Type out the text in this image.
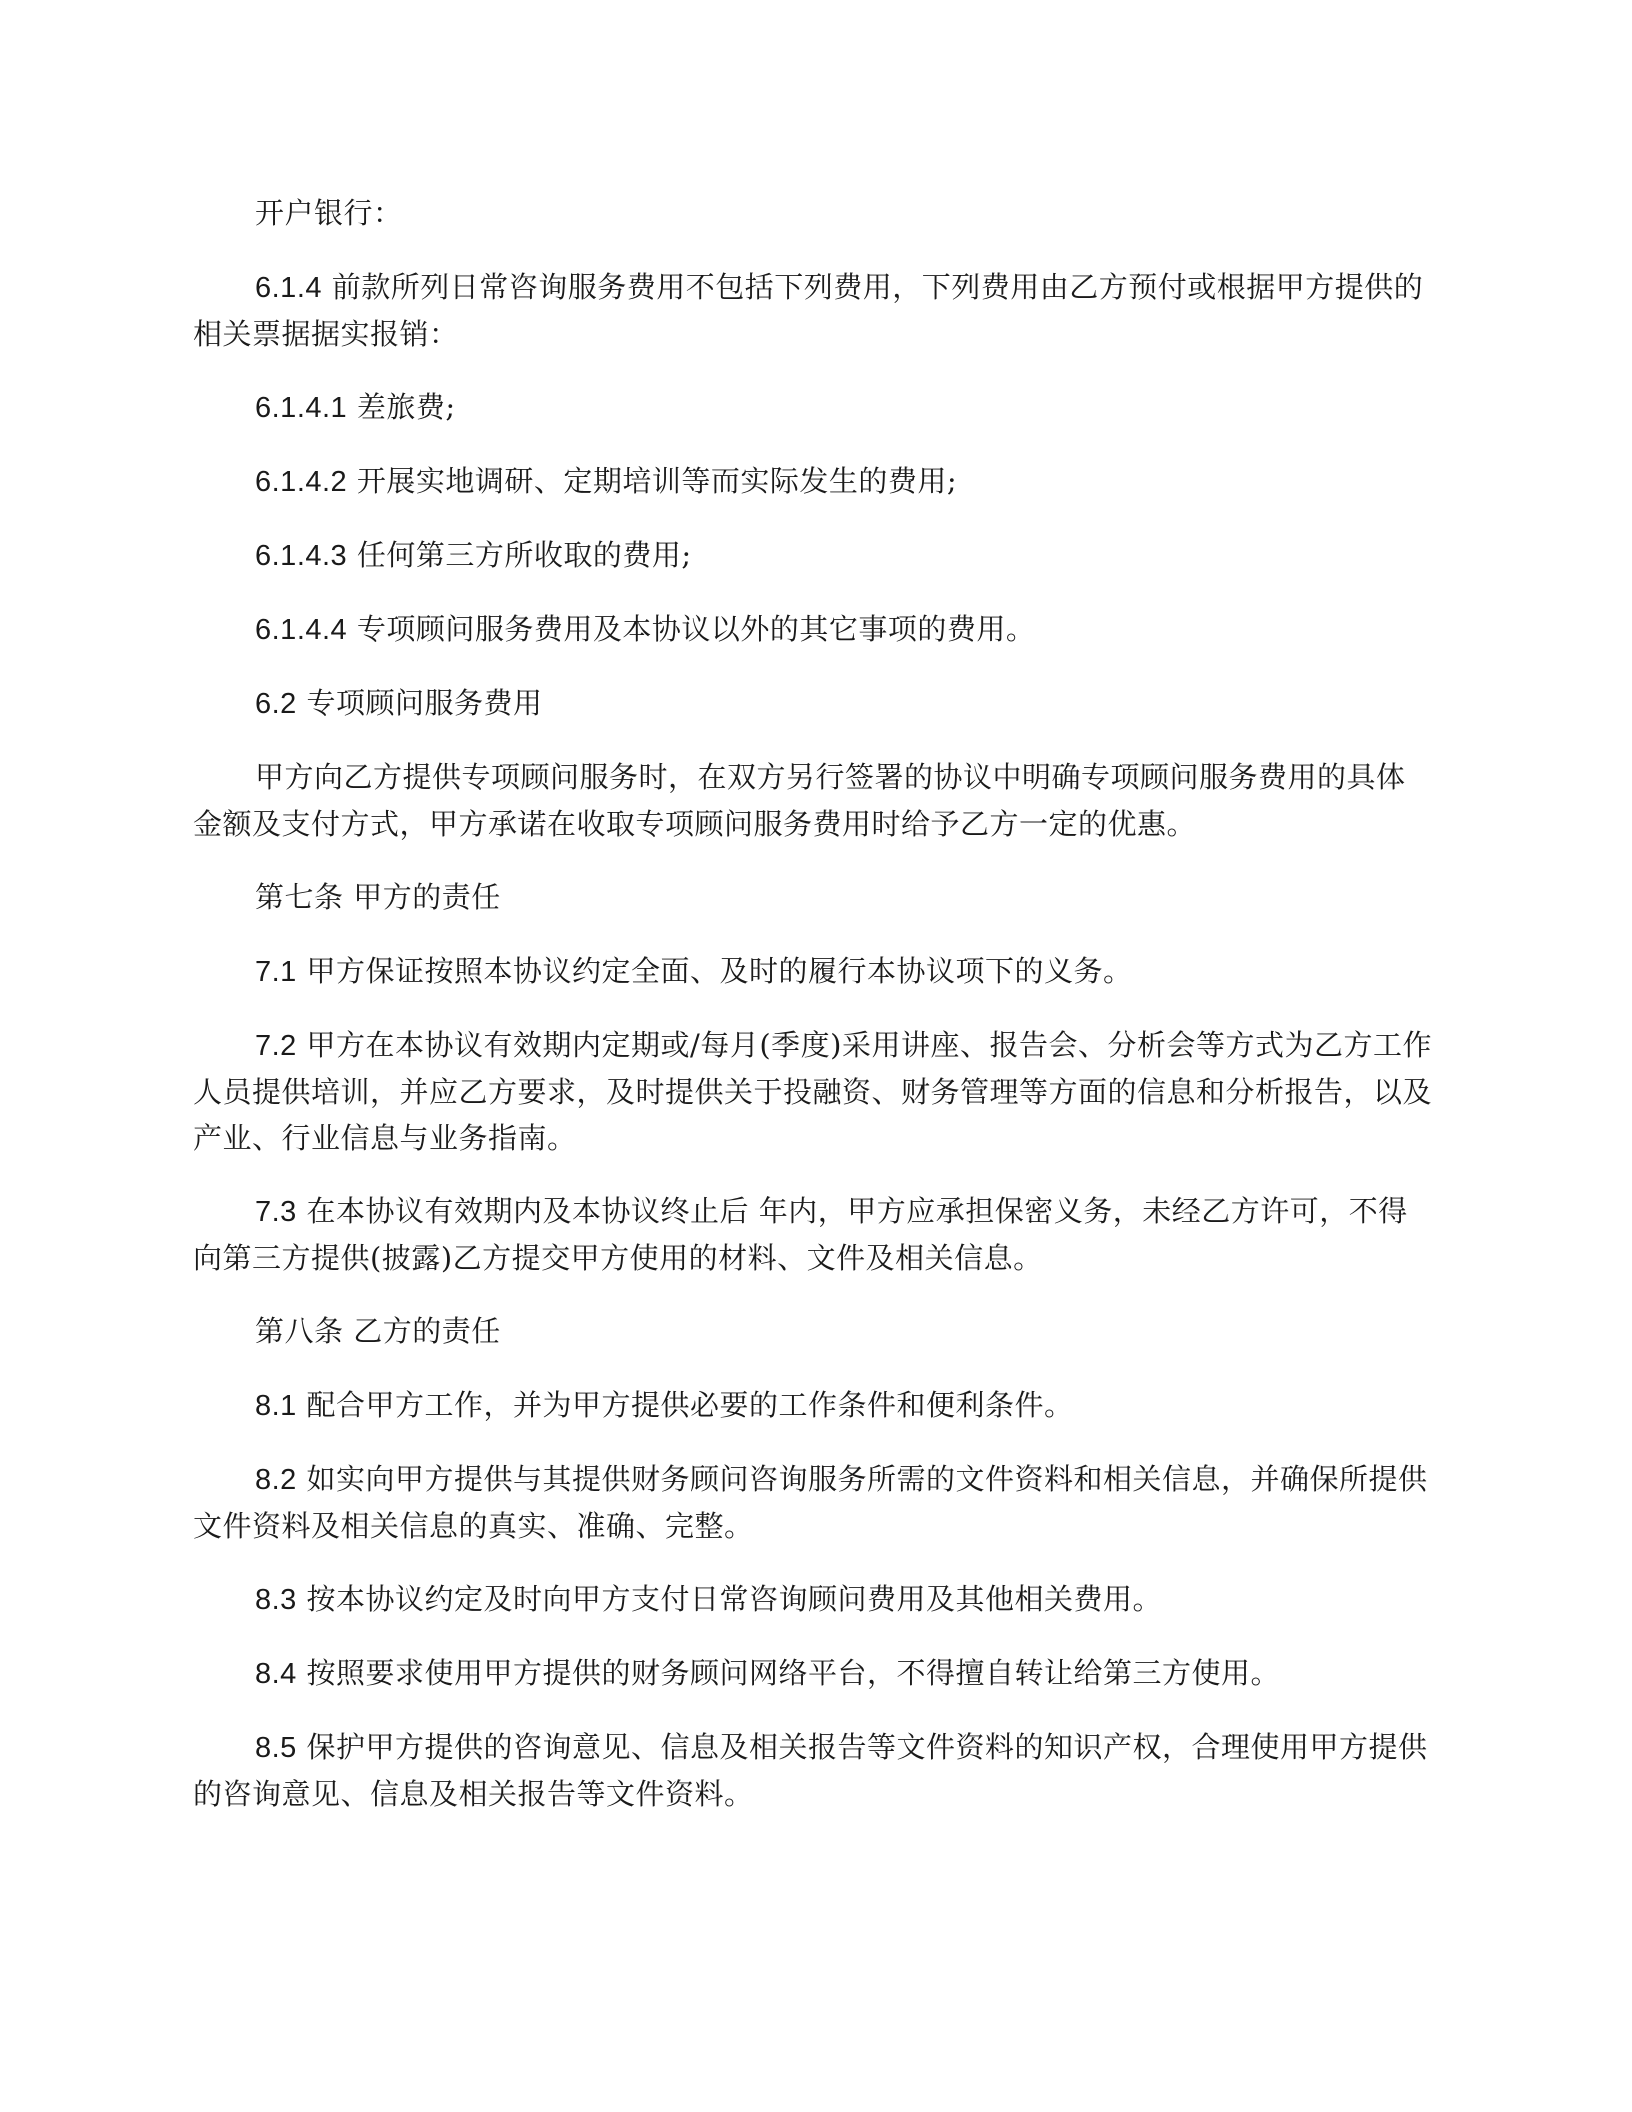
开户银行：

6.1.4 前款所列日常咨询服务费用不包括下列费用，下列费用由乙方预付或根据甲方提供的相关票据据实报销：

6.1.4.1 差旅费;

6.1.4.2 开展实地调研、定期培训等而实际发生的费用;

6.1.4.3 任何第三方所收取的费用;

6.1.4.4 专项顾问服务费用及本协议以外的其它事项的费用。

6.2 专项顾问服务费用

甲方向乙方提供专项顾问服务时，在双方另行签署的协议中明确专项顾问服务费用的具体金额及支付方式，甲方承诺在收取专项顾问服务费用时给予乙方一定的优惠。

第七条 甲方的责任

7.1 甲方保证按照本协议约定全面、及时的履行本协议项下的义务。

7.2 甲方在本协议有效期内定期或/每月(季度)采用讲座、报告会、分析会等方式为乙方工作人员提供培训，并应乙方要求，及时提供关于投融资、财务管理等方面的信息和分析报告，以及产业、行业信息与业务指南。

7.3 在本协议有效期内及本协议终止后 年内，甲方应承担保密义务，未经乙方许可，不得向第三方提供(披露)乙方提交甲方使用的材料、文件及相关信息。

第八条 乙方的责任

8.1 配合甲方工作，并为甲方提供必要的工作条件和便利条件。

8.2 如实向甲方提供与其提供财务顾问咨询服务所需的文件资料和相关信息，并确保所提供文件资料及相关信息的真实、准确、完整。

8.3 按本协议约定及时向甲方支付日常咨询顾问费用及其他相关费用。

8.4 按照要求使用甲方提供的财务顾问网络平台，不得擅自转让给第三方使用。

8.5 保护甲方提供的咨询意见、信息及相关报告等文件资料的知识产权，合理使用甲方提供的咨询意见、信息及相关报告等文件资料。
